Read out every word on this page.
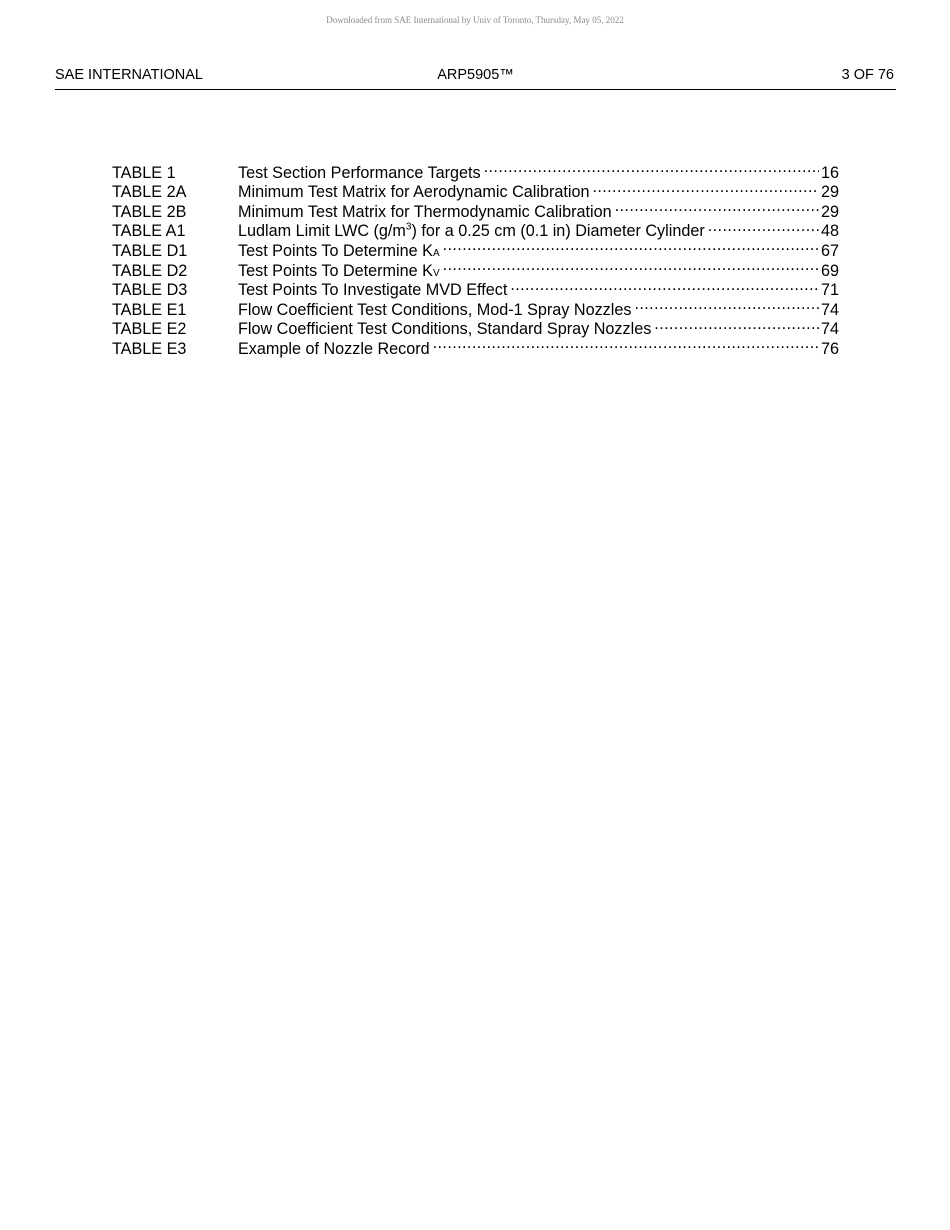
Downloaded from SAE International by Univ of Toronto, Thursday, May 05, 2022
SAE INTERNATIONAL	ARP5905™	3 OF 76
TABLE 1	Test Section Performance Targets .....	16
TABLE 2A	Minimum Test Matrix for Aerodynamic Calibration .....	29
TABLE 2B	Minimum Test Matrix for Thermodynamic Calibration .....	29
TABLE A1	Ludlam Limit LWC $(g/m^3)$ for a 0.25 cm (0.1 in) Diameter Cylinder .....	48
TABLE D1	Test Points To Determine KA .....	67
TABLE D2	Test Points To Determine KV .....	69
TABLE D3	Test Points To Investigate MVD Effect .....	71
TABLE E1	Flow Coefficient Test Conditions, Mod-1 Spray Nozzles .....	74
TABLE E2	Flow Coefficient Test Conditions, Standard Spray Nozzles .....	74
TABLE E3	Example of Nozzle Record .....	76
